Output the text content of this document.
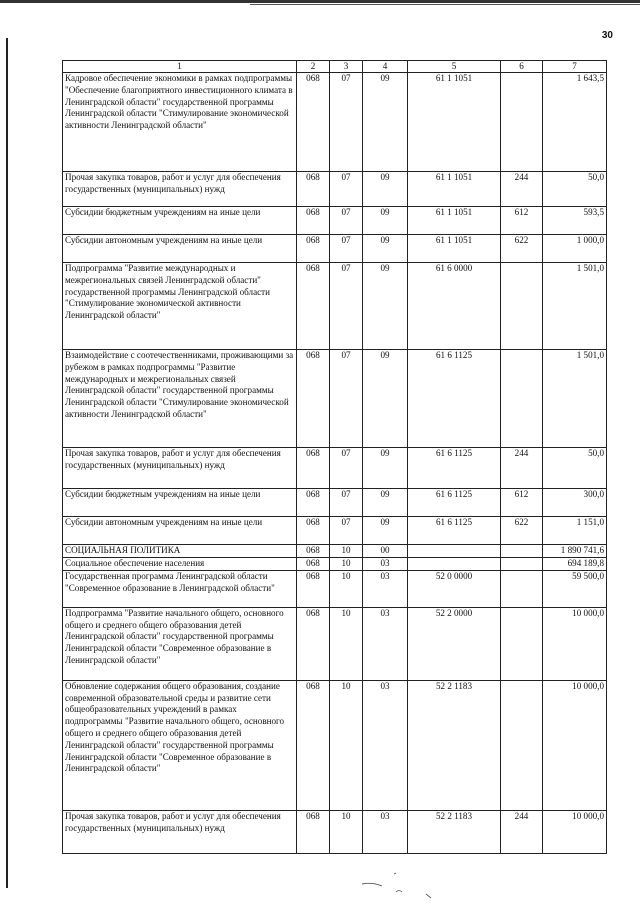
30
1	2	3	4	5	6	7
Кадровое обеспечение экономики в рамках подпрограммы "Обеспечение благоприятного инвестиционного климата в Ленинградской области" государственной программы Ленинградской области "Стимулирование экономической активности Ленинградской области"	068	07	09	61 1 1051		1 643,5
Прочая закупка товаров, работ и услуг для обеспечения государственных (муниципальных) нужд	068	07	09	61 1 1051	244	50,0
Субсидии бюджетным учреждениям на иные цели	068	07	09	61 1 1051	612	593,5
Субсидии автономным учреждениям на иные цели	068	07	09	61 1 1051	622	1 000,0
Подпрограмма "Развитие международных и межрегиональных связей Ленинградской области" государственной программы Ленинградской области "Стимулирование экономической активности Ленинградской области"	068	07	09	61 6 0000		1 501,0
Взаимодействие с соотечественниками, проживающими за рубежом в рамках подпрограммы "Развитие международных и межрегиональных связей Ленинградской области" государственной программы Ленинградской области "Стимулирование экономической активности Ленинградской области"	068	07	09	61 6 1125		1 501,0
Прочая закупка товаров, работ и услуг для обеспечения государственных (муниципальных) нужд	068	07	09	61 6 1125	244	50,0
Субсидии бюджетным учреждениям на иные цели	068	07	09	61 6 1125	612	300,0
Субсидии автономным учреждениям на иные цели	068	07	09	61 6 1125	622	1 151,0
СОЦИАЛЬНАЯ ПОЛИТИКА	068	10	00			1 890 741,6
Социальное обеспечение населения	068	10	03			694 189,8
Государственная программа Ленинградской области "Современное образование в Ленинградской области"	068	10	03	52 0 0000		59 500,0
Подпрограмма "Развитие начального общего, основного общего и среднего общего образования детей Ленинградской области" государственной программы Ленинградской области "Современное образование в Ленинградской области"	068	10	03	52 2 0000		10 000,0
Обновление содержания общего образования, создание современной образовательной среды и развитие сети общеобразовательных учреждений в рамках подпрограммы "Развитие начального общего, основного общего и среднего общего образования детей Ленинградской области" государственной программы Ленинградской области "Современное образование в Ленинградской области"	068	10	03	52 2 1183		10 000,0
Прочая закупка товаров, работ и услуг для обеспечения государственных (муниципальных) нужд	068	10	03	52 2 1183	244	10 000,0
